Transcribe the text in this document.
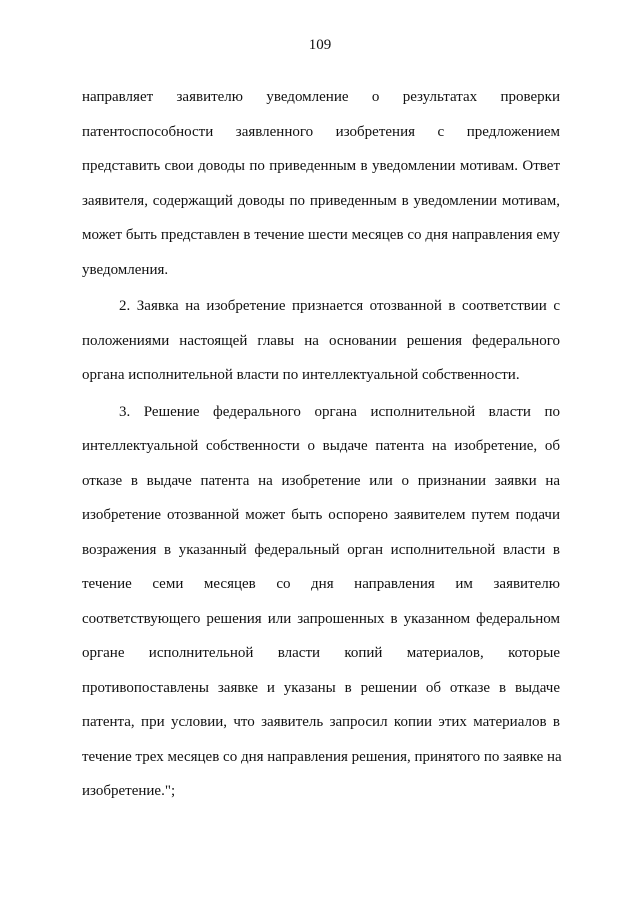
109
направляет заявителю уведомление о результатах проверки
патентоспособности заявленного изобретения с предложением
представить свои доводы по приведенным в уведомлении мотивам. Ответ
заявителя, содержащий доводы по приведенным в уведомлении мотивам,
может быть представлен в течение шести месяцев со дня направления ему
уведомления.
2. Заявка на изобретение признается отозванной в соответствии с
положениями настоящей главы на основании решения федерального
органа исполнительной власти по интеллектуальной собственности.
3. Решение федерального органа исполнительной власти по
интеллектуальной собственности о выдаче патента на изобретение, об
отказе в выдаче патента на изобретение или о признании заявки на
изобретение отозванной может быть оспорено заявителем путем подачи
возражения в указанный федеральный орган исполнительной власти в
течение семи месяцев со дня направления им заявителю
соответствующего решения или запрошенных в указанном федеральном
органе исполнительной власти копий материалов, которые
противопоставлены заявке и указаны в решении об отказе в выдаче
патента, при условии, что заявитель запросил копии этих материалов в
течение трех месяцев со дня направления решения, принятого по заявке на
изобретение.";
